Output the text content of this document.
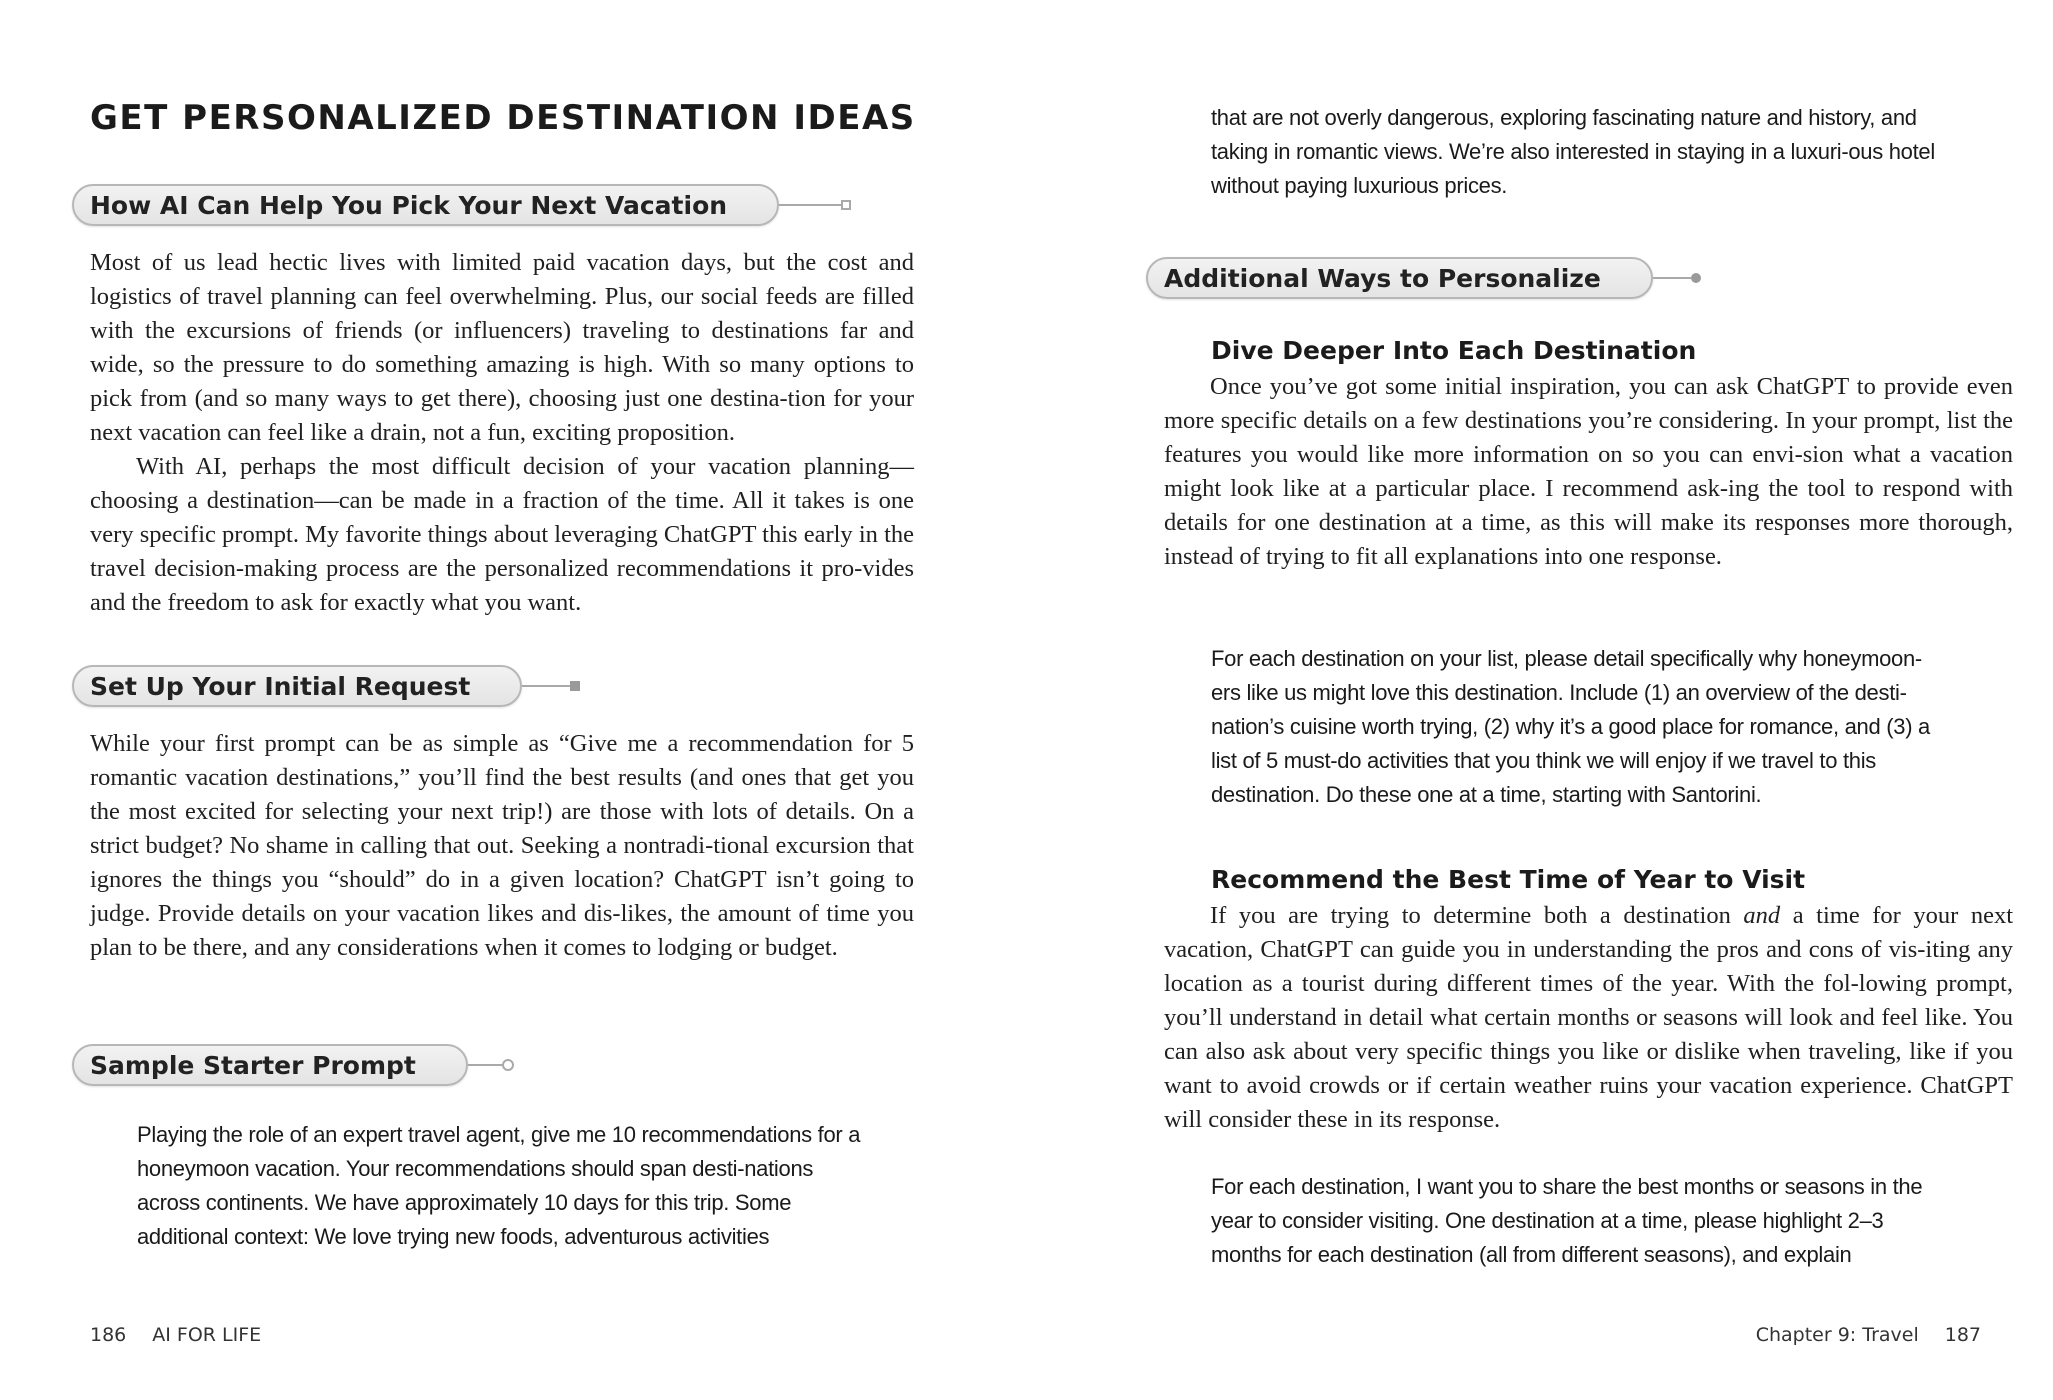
GET PERSONALIZED DESTINATION IDEAS
How AI Can Help You Pick Your Next Vacation

Most of us lead hectic lives with limited paid vacation days, but the cost and logistics of travel planning can feel overwhelming. Plus, our social feeds are filled with the excursions of friends (or influencers) traveling to destinations far and wide, so the pressure to do something amazing is high. With so many options to pick from (and so many ways to get there), choosing just one destina-tion for your next vacation can feel like a drain, not a fun, exciting proposition.

With AI, perhaps the most difficult decision of your vacation planning—choosing a destination—can be made in a fraction of the time. All it takes is one very specific prompt. My favorite things about leveraging ChatGPT this early in the travel decision-making process are the personalized recommendations it pro-vides and the freedom to ask for exactly what you want.

Set Up Your Initial Request

While your first prompt can be as simple as “Give me a recommendation for 5 romantic vacation destinations,” you’ll find the best results (and ones that get you the most excited for selecting your next trip!) are those with lots of details. On a strict budget? No shame in calling that out. Seeking a nontradi-tional excursion that ignores the things you “should” do in a given location? ChatGPT isn’t going to judge. Provide details on your vacation likes and dis-likes, the amount of time you plan to be there, and any considerations when it comes to lodging or budget.

Sample Starter Prompt
Playing the role of an expert travel agent, give me 10 recommendations for a honeymoon vacation. Your recommendations should span desti-nations across continents. We have approximately 10 days for this trip. Some additional context: We love trying new foods, adventurous activities
186 AI FOR LIFE
that are not overly dangerous, exploring fascinating nature and history, and taking in romantic views. We’re also interested in staying in a luxuri-ous hotel without paying luxurious prices.
Additional Ways to Personalize
Dive Deeper Into Each Destination

Once you’ve got some initial inspiration, you can ask ChatGPT to provide even more specific details on a few destinations you’re considering. In your prompt, list the features you would like more information on so you can envi-sion what a vacation might look like at a particular place. I recommend ask-ing the tool to respond with details for one destination at a time, as this will make its responses more thorough, instead of trying to fit all explanations into one response.

For each destination on your list, please detail specifically why honeymoon-ers like us might love this destination. Include (1) an overview of the desti-nation’s cuisine worth trying, (2) why it’s a good place for romance, and (3) a list of 5 must-do activities that you think we will enjoy if we travel to this destination. Do these one at a time, starting with Santorini.
Recommend the Best Time of Year to Visit

If you are trying to determine both a destination and a time for your next vacation, ChatGPT can guide you in understanding the pros and cons of vis-iting any location as a tourist during different times of the year. With the fol-lowing prompt, you’ll understand in detail what certain months or seasons will look and feel like. You can also ask about very specific things you like or dislike when traveling, like if you want to avoid crowds or if certain weather ruins your vacation experience. ChatGPT will consider these in its response.

For each destination, I want you to share the best months or seasons in the year to consider visiting. One destination at a time, please highlight 2–3 months for each destination (all from different seasons), and explain
Chapter 9: Travel 187
